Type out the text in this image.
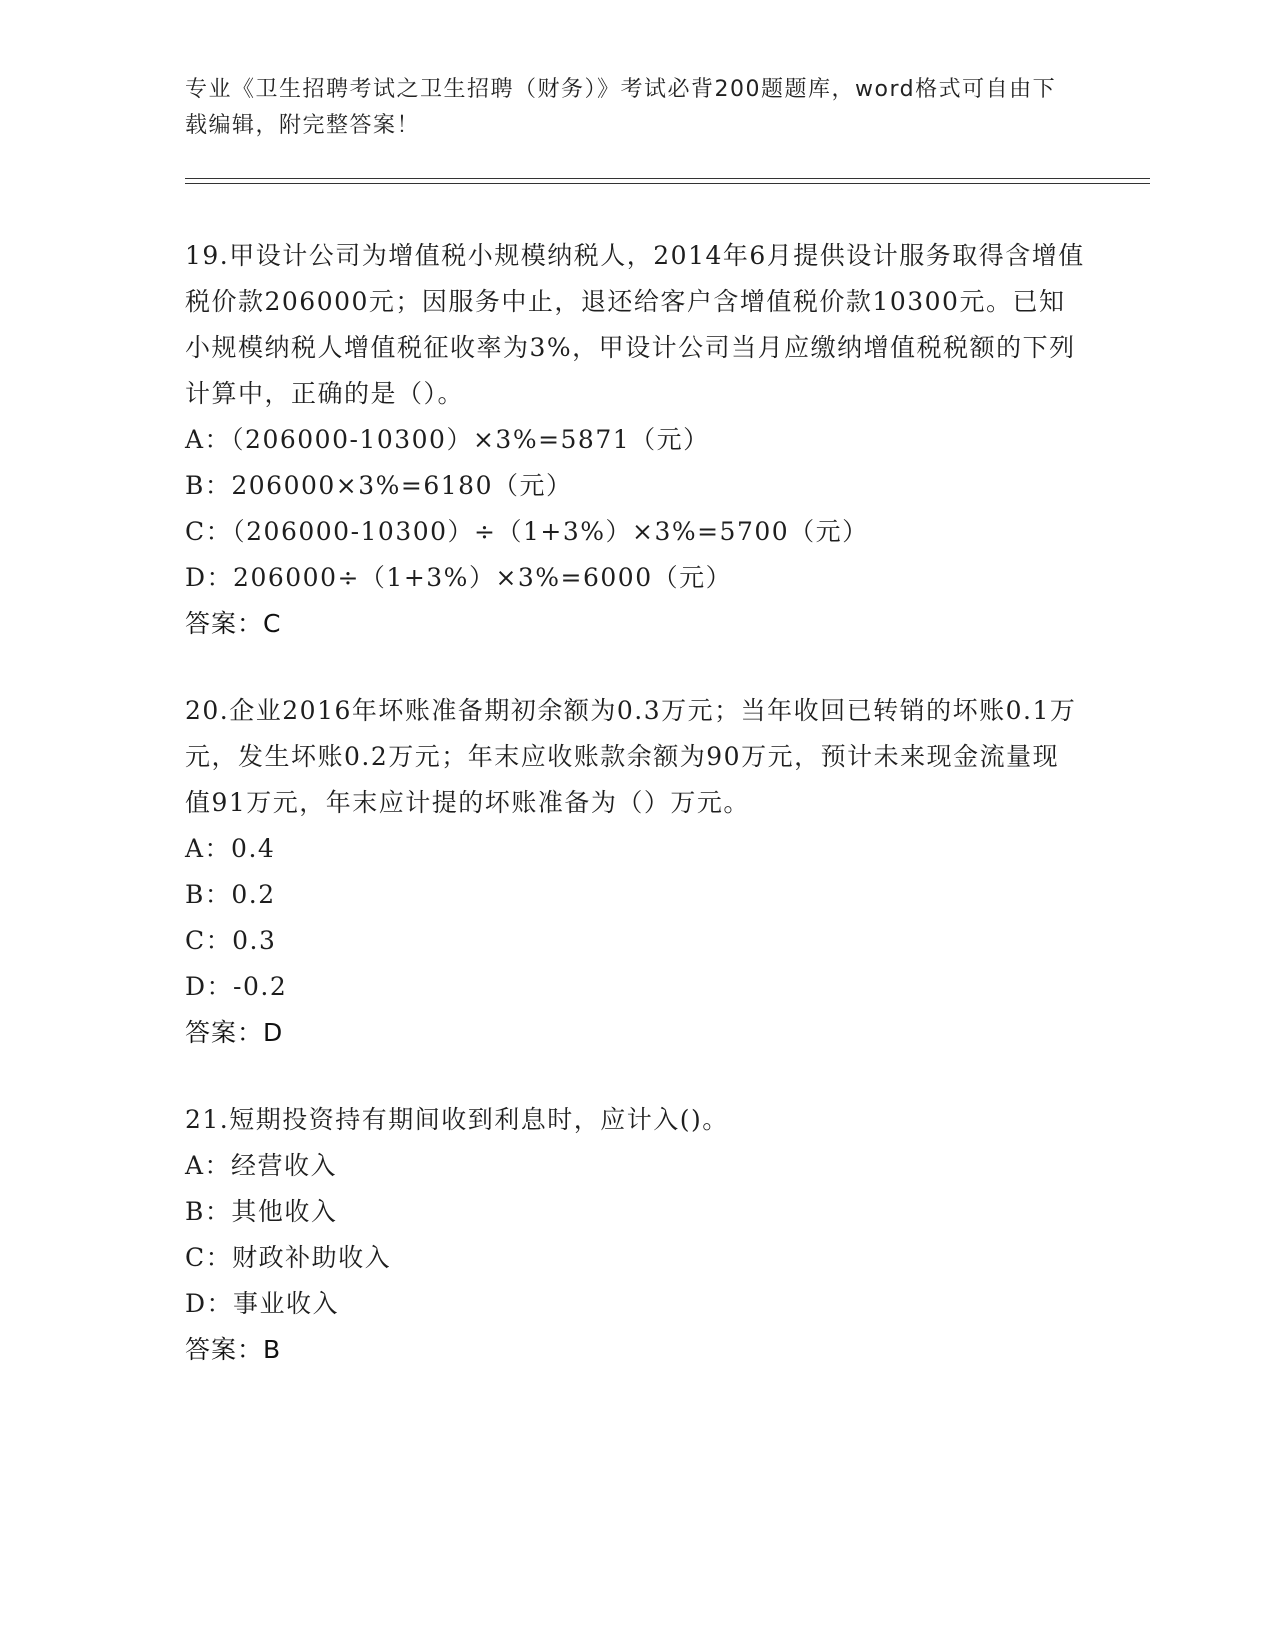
专业《卫生招聘考试之卫生招聘（财务）》考试必背200题题库，word格式可自由下载编辑，附完整答案！

19.甲设计公司为增值税小规模纳税人，2014年6月提供设计服务取得含增值税价款206000元；因服务中止，退还给客户含增值税价款10300元。已知小规模纳税人增值税征收率为3%，甲设计公司当月应缴纳增值税税额的下列计算中，正确的是（）。

A：（206000-10300）×3%=5871（元）

B：206000×3%=6180（元）

C：（206000-10300）÷（1+3%）×3%=5700（元）

D：206000÷（1+3%）×3%=6000（元）

答案：C

20.企业2016年坏账准备期初余额为0.3万元；当年收回已转销的坏账0.1万元，发生坏账0.2万元；年末应收账款余额为90万元，预计未来现金流量现值91万元，年末应计提的坏账准备为（）万元。

A：0.4

B：0.2

C：0.3

D：-0.2

答案：D

21.短期投资持有期间收到利息时，应计入()。

A：经营收入

B：其他收入

C：财政补助收入

D：事业收入

答案：B
